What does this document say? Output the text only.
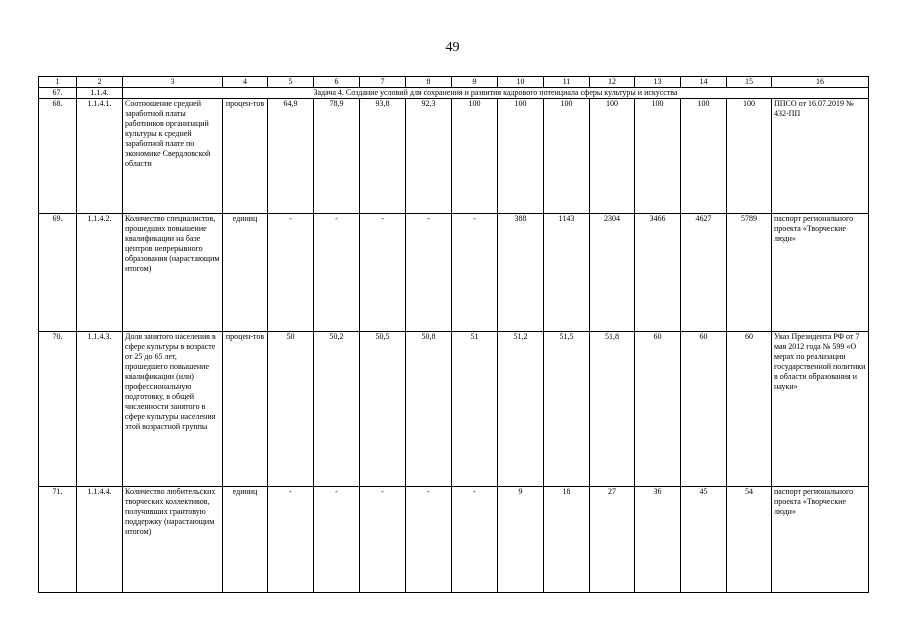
49
1	2	3	4	5	6	7	8	9	10	11	12	13	14	15	16
67.	1.1.4.	Задача 4. Создание условий для сохранения и развития кадрового потенциала сферы культуры и искусства													
68.	1.1.4.1.	Соотношение средней заработной платы работников организаций культуры к средней заработной плате по экономике Свердловской области	процен-тов	64,9	78,9	93,8	92,3	100	100	100	100	100	100	100	ППСО от 16.07.2019 № 432-ПП
69.	1.1.4.2.	Количество специалистов, прошедших повышение квалификации на базе центров непрерывного образования (нарастающим итогом)	единиц	-	-	-	-	-	388	1143	2304	3466	4627	5789	паспорт регионального проекта «Творческие люди»
70.	1.1.4.3.	Доля занятого населения в сфере культуры в возрасте от 25 до 65 лет, прошедшего повышение квалификации (или) профессиональную подготовку, в общей численности занятого в сфере культуры населения этой возрастной группы	процен-тов	50	50,2	50,5	50,8	51	51,2	51,5	51,8	60	60	60	Указ Президента РФ от 7 мая 2012 года № 599 «О мерах по реализации государственной политики в области образования и науки»
71.	1.1.4.4.	Количество любительских творческих коллективов, получивших грантовую поддержку (нарастающим итогом)	единиц	-	-	-	-	-	9	18	27	36	45	54	паспорт регионального проекта «Творческие люди»
